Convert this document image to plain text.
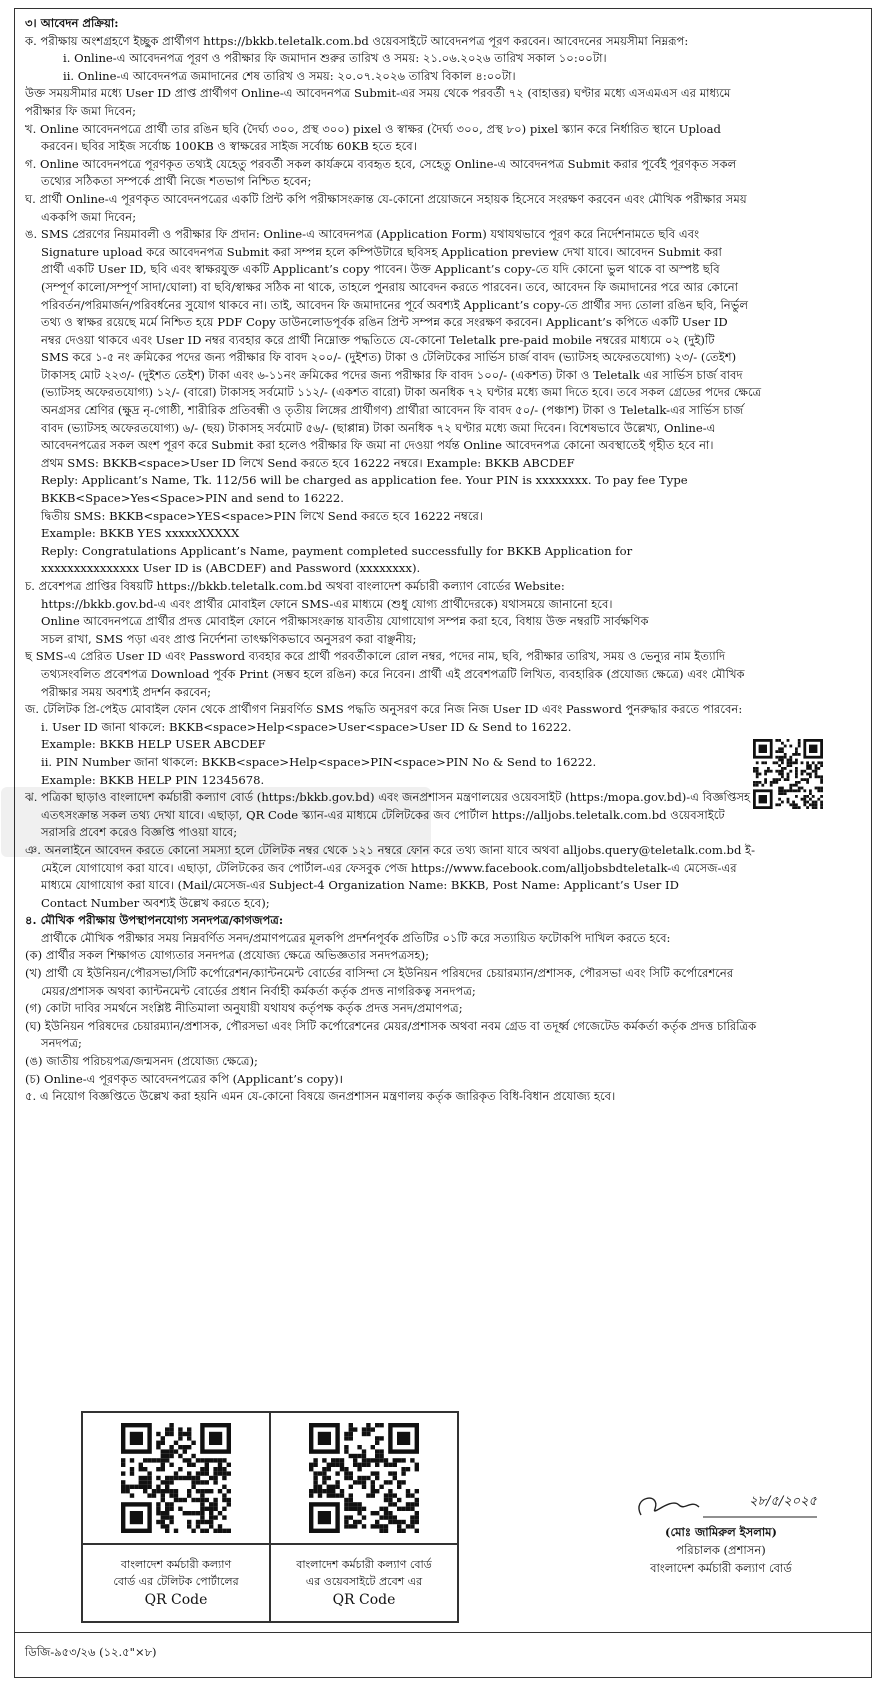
৩। আবেদন প্রক্রিয়া:
ক. পরীক্ষায় অংশগ্রহণে ইচ্ছুক প্রার্থীগণ https://bkkb.teletalk.com.bd ওয়েবসাইটে আবেদনপত্র পূরণ করবেন। আবেদনের সময়সীমা নিম্নরূপ:
i. Online-এ আবেদনপত্র পূরণ ও পরীক্ষার ফি জমাদান শুরুর তারিখ ও সময়: ২১.০৬.২০২৬ তারিখ সকাল ১০:০০টা।
ii. Online-এ আবেদনপত্র জমাদানের শেষ তারিখ ও সময়: ২০.০৭.২০২৬ তারিখ বিকাল ৪:০০টা।
উক্ত সময়সীমার মধ্যে User ID প্রাপ্ত প্রার্থীগণ Online-এ আবেদনপত্র Submit-এর সময় থেকে পরবর্তী ৭২ (বাহাত্তর) ঘণ্টার মধ্যে এসএমএস এর মাধ্যমে
পরীক্ষার ফি জমা দিবেন;
খ. Online আবেদনপত্রে প্রার্থী তার রঙিন ছবি (দৈর্ঘ্য ৩০০, প্রস্থ ৩০০) pixel ও স্বাক্ষর (দৈর্ঘ্য ৩০০, প্রস্থ ৮০) pixel স্ক্যান করে নির্ধারিত স্থানে Upload
করবেন। ছবির সাইজ সর্বোচ্চ 100KB ও স্বাক্ষরের সাইজ সর্বোচ্চ 60KB হতে হবে।
গ. Online আবেদনপত্রে পূরণকৃত তথ্যই যেহেতু পরবর্তী সকল কার্যক্রমে ব্যবহৃত হবে, সেহেতু Online-এ আবেদনপত্র Submit করার পূর্বেই পূরণকৃত সকল
তথ্যের সঠিকতা সম্পর্কে প্রার্থী নিজে শতভাগ নিশ্চিত হবেন;
ঘ. প্রার্থী Online-এ পূরণকৃত আবেদনপত্রের একটি প্রিন্ট কপি পরীক্ষাসংক্রান্ত যে-কোনো প্রয়োজনে সহায়ক হিসেবে সংরক্ষণ করবেন এবং মৌখিক পরীক্ষার সময়
এককপি জমা দিবেন;
ঙ. SMS প্রেরণের নিয়মাবলী ও পরীক্ষার ফি প্রদান: Online-এ আবেদনপত্র (Application Form) যথাযথভাবে পূরণ করে নির্দেশনামতে ছবি এবং
Signature upload করে আবেদনপত্র Submit করা সম্পন্ন হলে কম্পিউটারে ছবিসহ Application preview দেখা যাবে। আবেদন Submit করা
প্রার্থী একটি User ID, ছবি এবং স্বাক্ষরযুক্ত একটি Applicant’s copy পাবেন। উক্ত Applicant’s copy-তে যদি কোনো ভুল থাকে বা অস্পষ্ট ছবি
(সম্পূর্ণ কালো/সম্পূর্ণ সাদা/ঘোলা) বা ছবি/স্বাক্ষর সঠিক না থাকে, তাহলে পুনরায় আবেদন করতে পারবেন। তবে, আবেদন ফি জমাদানের পরে আর কোনো
পরিবর্তন/পরিমার্জন/পরিবর্ধনের সুযোগ থাকবে না। তাই, আবেদন ফি জমাদানের পূর্বে অবশ্যই Applicant’s copy-তে প্রার্থীর সদ্য তোলা রঙিন ছবি, নির্ভুল
তথ্য ও স্বাক্ষর রয়েছে মর্মে নিশ্চিত হয়ে PDF Copy ডাউনলোডপূর্বক রঙিন প্রিন্ট সম্পন্ন করে সংরক্ষণ করবেন। Applicant’s কপিতে একটি User ID
নম্বর দেওয়া থাকবে এবং User ID নম্বর ব্যবহার করে প্রার্থী নিম্নোক্ত পদ্ধতিতে যে-কোনো Teletalk pre-paid mobile নম্বরের মাধ্যমে ০২ (দুই)টি
SMS করে ১-৫ নং ক্রমিকের পদের জন্য পরীক্ষার ফি বাবদ ২০০/- (দুইশত) টাকা ও টেলিটকের সার্ভিস চার্জ বাবদ (ভ্যাটসহ অফেরতযোগ্য) ২৩/- (তেইশ)
টাকাসহ মোট ২২৩/- (দুইশত তেইশ) টাকা এবং ৬-১১নং ক্রমিকের পদের জন্য পরীক্ষার ফি বাবদ ১০০/- (একশত) টাকা ও Teletalk এর সার্ভিস চার্জ বাবদ
(ভ্যাটসহ অফেরতযোগ্য) ১২/- (বারো) টাকাসহ সর্বমোট ১১২/- (একশত বারো) টাকা অনধিক ৭২ ঘণ্টার মধ্যে জমা দিতে হবে। তবে সকল গ্রেডের পদের ক্ষেত্রে
অনগ্রসর শ্রেণির (ক্ষুদ্র নৃ-গোষ্ঠী, শারীরিক প্রতিবন্ধী ও তৃতীয় লিঙ্গের প্রার্থীগণ) প্রার্থীরা আবেদন ফি বাবদ ৫০/- (পঞ্চাশ) টাকা ও Teletalk-এর সার্ভিস চার্জ
বাবদ (ভ্যাটসহ অফেরতযোগ্য) ৬/- (ছয়) টাকাসহ সর্বমোট ৫৬/- (ছাপ্পান্ন) টাকা অনধিক ৭২ ঘণ্টার মধ্যে জমা দিবেন। বিশেষভাবে উল্লেখ্য, Online-এ
আবেদনপত্রের সকল অংশ পূরণ করে Submit করা হলেও পরীক্ষার ফি জমা না দেওয়া পর্যন্ত Online আবেদনপত্র কোনো অবস্থাতেই গৃহীত হবে না।
প্রথম SMS: BKKB<space>User ID লিখে Send করতে হবে 16222 নম্বরে। Example: BKKB ABCDEF
Reply: Applicant’s Name, Tk. 112/56 will be charged as application fee. Your PIN is xxxxxxxx. To pay fee Type
BKKB<Space>Yes<Space>PIN and send to 16222.
দ্বিতীয় SMS: BKKB<space>YES<space>PIN লিখে Send করতে হবে 16222 নম্বরে।
Example: BKKB YES xxxxxXXXXX
Reply: Congratulations Applicant’s Name, payment completed successfully for BKKB Application for
xxxxxxxxxxxxxxx User ID is (ABCDEF) and Password (xxxxxxxx).
চ. প্রবেশপত্র প্রাপ্তির বিষয়টি https://bkkb.teletalk.com.bd অথবা বাংলাদেশ কর্মচারী কল্যাণ বোর্ডের Website:
https://bkkb.gov.bd-এ এবং প্রার্থীর মোবাইল ফোনে SMS-এর মাধ্যমে (শুধু যোগ্য প্রার্থীদেরকে) যথাসময়ে জানানো হবে।
Online আবেদনপত্রে প্রার্থীর প্রদত্ত মোবাইল ফোনে পরীক্ষাসংক্রান্ত যাবতীয় যোগাযোগ সম্পন্ন করা হবে, বিধায় উক্ত নম্বরটি সার্বক্ষণিক
সচল রাখা, SMS পড়া এবং প্রাপ্ত নির্দেশনা তাৎক্ষণিকভাবে অনুসরণ করা বাঞ্ছনীয়;
ছ SMS-এ প্রেরিত User ID এবং Password ব্যবহার করে প্রার্থী পরবর্তীকালে রোল নম্বর, পদের নাম, ছবি, পরীক্ষার তারিখ, সময় ও ভেন্যুর নাম ইত্যাদি
তথ্যসংবলিত প্রবেশপত্র Download পূর্বক Print (সম্ভব হলে রঙিন) করে নিবেন। প্রার্থী এই প্রবেশপত্রটি লিখিত, ব্যবহারিক (প্রযোজ্য ক্ষেত্রে) এবং মৌখিক
পরীক্ষার সময় অবশ্যই প্রদর্শন করবেন;
জ. টেলিটক প্রি-পেইড মোবাইল ফোন থেকে প্রার্থীগণ নিম্নবর্ণিত SMS পদ্ধতি অনুসরণ করে নিজ নিজ User ID এবং Password পুনরুদ্ধার করতে পারবেন:
i. User ID জানা থাকলে: BKKB<space>Help<space>User<space>User ID & Send to 16222.
Example: BKKB HELP USER ABCDEF
ii. PIN Number জানা থাকলে: BKKB<space>Help<space>PIN<space>PIN No & Send to 16222.
Example: BKKB HELP PIN 12345678.
ঝ. পত্রিকা ছাড়াও বাংলাদেশ কর্মচারী কল্যাণ বোর্ড (https:/bkkb.gov.bd) এবং জনপ্রশাসন মন্ত্রণালয়ের ওয়েবসাইট (https:/mopa.gov.bd)-এ বিজ্ঞপ্তিসহ
এতৎসংক্রান্ত সকল তথ্য দেখা যাবে। এছাড়া, QR Code স্ক্যান-এর মাধ্যমে টেলিটকের জব পোর্টাল https://alljobs.teletalk.com.bd ওয়েবসাইটে
সরাসরি প্রবেশ করেও বিজ্ঞপ্তি পাওয়া যাবে;
ঞ. অনলাইনে আবেদন করতে কোনো সমস্যা হলে টেলিটক নম্বর থেকে ১২১ নম্বরে ফোন করে তথ্য জানা যাবে অথবা alljobs.query@teletalk.com.bd ই-
মেইলে যোগাযোগ করা যাবে। এছাড়া, টেলিটকের জব পোর্টাল-এর ফেসবুক পেজ https://www.facebook.com/alljobsbdteletalk-এ মেসেজ-এর
মাধ্যমে যোগাযোগ করা যাবে। (Mail/মেসেজ-এর Subject-4 Organization Name: BKKB, Post Name: Applicant’s User ID
Contact Number অবশ্যই উল্লেখ করতে হবে);
৪. মৌখিক পরীক্ষায় উপস্থাপনযোগ্য সনদপত্র/কাগজপত্র:
প্রার্থীকে মৌখিক পরীক্ষার সময় নিম্নবর্ণিত সনদ/প্রমাণপত্রের মূলকপি প্রদর্শনপূর্বক প্রতিটির ০১টি করে সত্যায়িত ফটোকপি দাখিল করতে হবে:
(ক) প্রার্থীর সকল শিক্ষাগত যোগ্যতার সনদপত্র (প্রযোজ্য ক্ষেত্রে অভিজ্ঞতার সনদপত্রসহ);
(খ) প্রার্থী যে ইউনিয়ন/পৌরসভা/সিটি কর্পোরেশন/ক্যান্টনমেন্ট বোর্ডের বাসিন্দা সে ইউনিয়ন পরিষদের চেয়ারম্যান/প্রশাসক, পৌরসভা এবং সিটি কর্পোরেশনের
মেয়র/প্রশাসক অথবা ক্যান্টনমেন্ট বোর্ডের প্রধান নির্বাহী কর্মকর্তা কর্তৃক প্রদত্ত নাগরিকত্ব সনদপত্র;
(গ) কোটা দাবির সমর্থনে সংশ্লিষ্ট নীতিমালা অনুযায়ী যথাযথ কর্তৃপক্ষ কর্তৃক প্রদত্ত সনদ/প্রমাণপত্র;
(ঘ) ইউনিয়ন পরিষদের চেয়ারম্যান/প্রশাসক, পৌরসভা এবং সিটি কর্পোরেশনের মেয়র/প্রশাসক অথবা নবম গ্রেড বা তদূর্ধ্ব গেজেটেড কর্মকর্তা কর্তৃক প্রদত্ত চারিত্রিক
সনদপত্র;
(ঙ) জাতীয় পরিচয়পত্র/জন্মসনদ (প্রযোজ্য ক্ষেত্রে);
(চ) Online-এ পূরণকৃত আবেদনপত্রের কপি (Applicant’s copy)।
৫. এ নিয়োগ বিজ্ঞপ্তিতে উল্লেখ করা হয়নি এমন যে-কোনো বিষয়ে জনপ্রশাসন মন্ত্রণালয় কর্তৃক জারিকৃত বিধি-বিধান প্রযোজ্য হবে।
বাংলাদেশ কর্মচারী কল্যাণ
বোর্ড এর টেলিটক পোর্টালের
QR Code
বাংলাদেশ কর্মচারী কল্যাণ বোর্ড
এর ওয়েবসাইটে প্রবেশ এর
QR Code
২৮/৫/২০২৫
(মোঃ জামিরুল ইসলাম)
পরিচালক (প্রশাসন)
বাংলাদেশ কর্মচারী কল্যাণ বোর্ড
ডিজি-৯৫৩/২৬ (১২.৫"×৮)
